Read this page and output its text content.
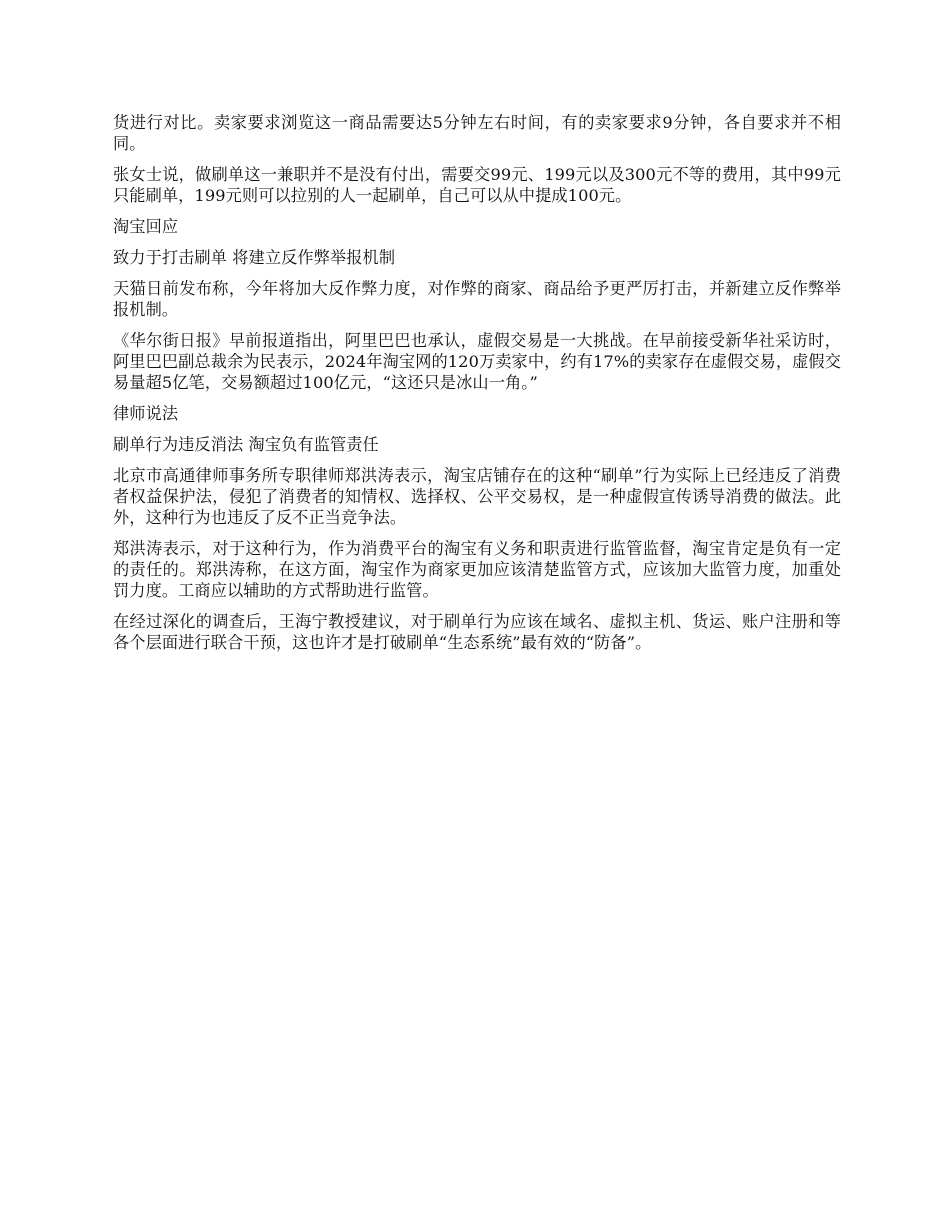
货进行对比。卖家要求浏览这一商品需要达5分钟左右时间，有的卖家要求9分钟，各自要求并不相同。

张女士说，做刷单这一兼职并不是没有付出，需要交99元、199元以及300元不等的费用，其中99元只能刷单，199元则可以拉别的人一起刷单，自己可以从中提成100元。

淘宝回应

致力于打击刷单 将建立反作弊举报机制

天猫日前发布称，今年将加大反作弊力度，对作弊的商家、商品给予更严厉打击，并新建立反作弊举报机制。

《华尔街日报》早前报道指出，阿里巴巴也承认，虚假交易是一大挑战。在早前接受新华社采访时，阿里巴巴副总裁余为民表示，2024年淘宝网的120万卖家中，约有17%的卖家存在虚假交易，虚假交易量超5亿笔，交易额超过100亿元，“这还只是冰山一角。”

律师说法

刷单行为违反消法 淘宝负有监管责任

北京市高通律师事务所专职律师郑洪涛表示，淘宝店铺存在的这种“刷单”行为实际上已经违反了消费者权益保护法，侵犯了消费者的知情权、选择权、公平交易权，是一种虚假宣传诱导消费的做法。此外，这种行为也违反了反不正当竞争法。

郑洪涛表示，对于这种行为，作为消费平台的淘宝有义务和职责进行监管监督，淘宝肯定是负有一定的责任的。郑洪涛称，在这方面，淘宝作为商家更加应该清楚监管方式，应该加大监管力度，加重处罚力度。工商应以辅助的方式帮助进行监管。

在经过深化的调查后，王海宁教授建议，对于刷单行为应该在域名、虚拟主机、货运、账户注册和等各个层面进行联合干预，这也许才是打破刷单“生态系统”最有效的“防备”。
